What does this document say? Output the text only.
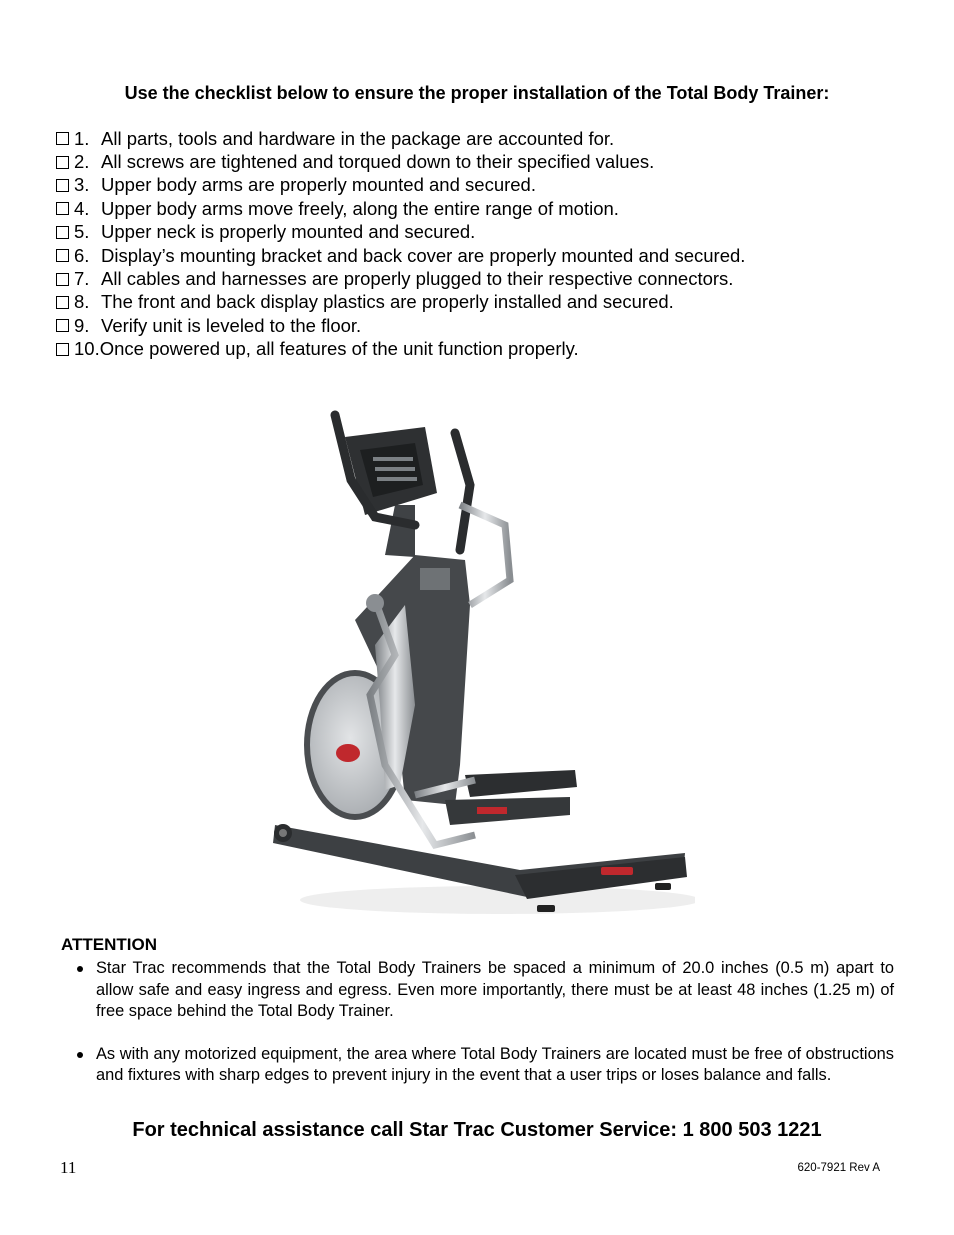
Use the checklist below to ensure the proper installation of the Total Body Trainer:
1. All parts, tools and hardware in the package are accounted for.
2. All screws are tightened and torqued down to their specified values.
3. Upper body arms are properly mounted and secured.
4. Upper body arms move freely, along the entire range of motion.
5. Upper neck is properly mounted and secured.
6. Display’s mounting bracket and back cover are properly mounted and secured.
7. All cables and harnesses are properly plugged to their respective connectors.
8. The front and back display plastics are properly installed and secured.
9. Verify unit is leveled to the floor.
10. Once powered up, all features of the unit function properly.
ATTENTION
Star Trac recommends that the Total Body Trainers be spaced a minimum of 20.0 inches (0.5 m) apart to allow safe and easy ingress and egress. Even more importantly, there must be at least 48 inches (1.25 m) of free space behind the Total Body Trainer.
As with any motorized equipment, the area where Total Body Trainers are located must be free of obstructions and fixtures with sharp edges to prevent injury in the event that a user trips or loses balance and falls.
For technical assistance call Star Trac Customer Service: 1 800 503 1221
11	620-7921 Rev A
